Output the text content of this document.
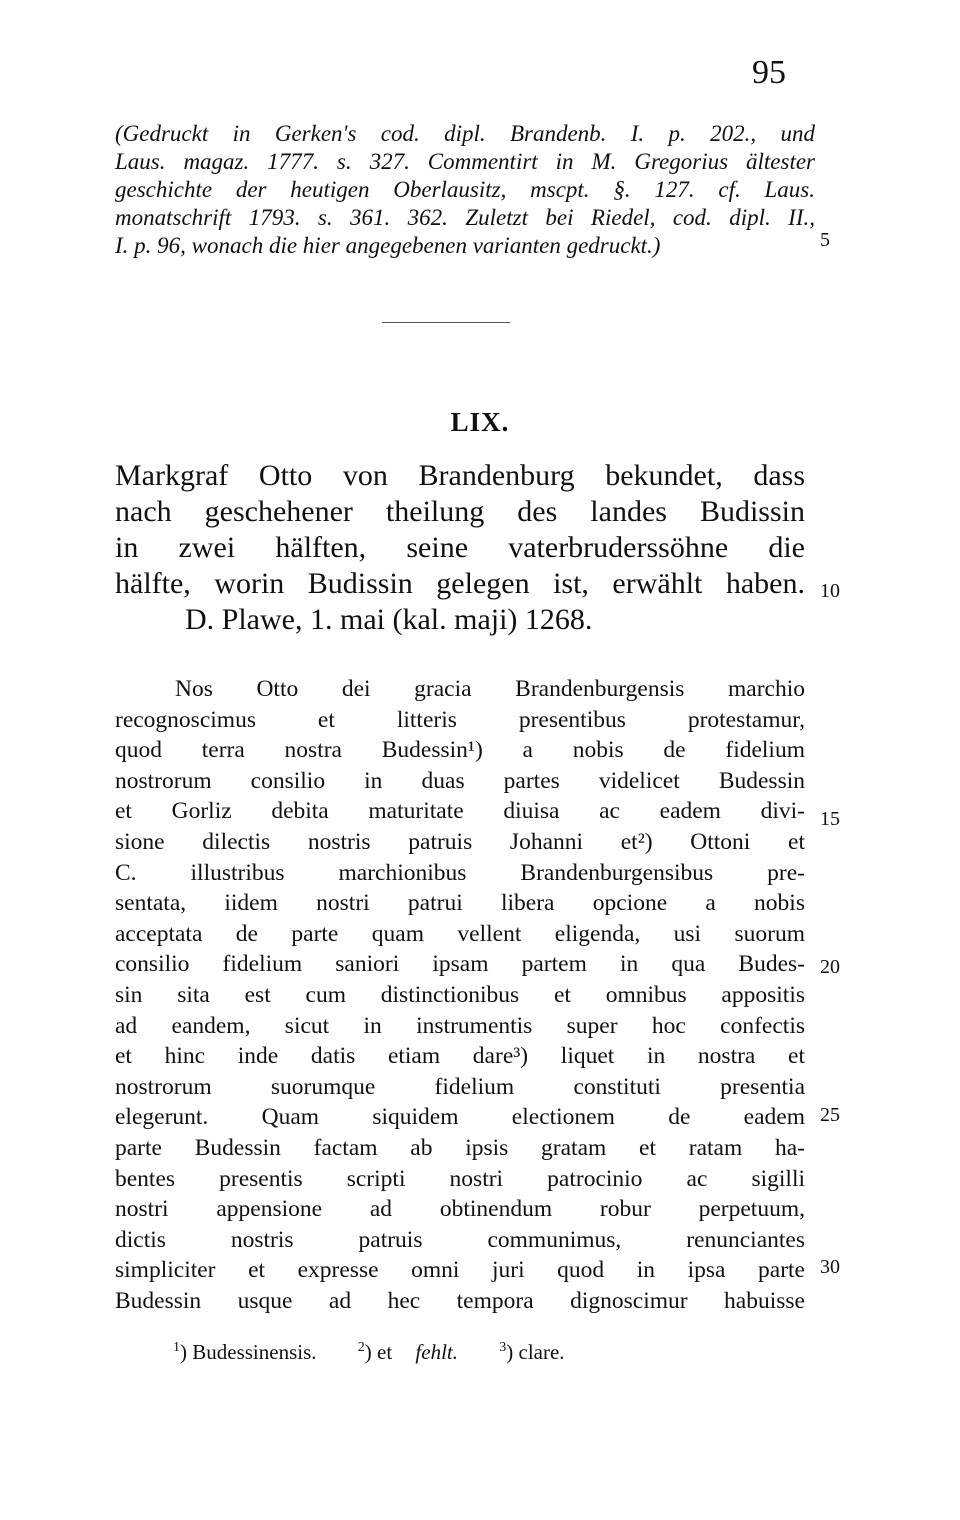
95
(Gedruckt in Gerken's cod. dipl. Brandenb. I. p. 202., und
Laus. magaz. 1777. s. 327. Commentirt in M. Gregorius ältester
geschichte der heutigen Oberlausitz, mscpt. §. 127. cf. Laus.
monatschrift 1793. s. 361. 362. Zuletzt bei Riedel, cod. dipl. II.,
I. p. 96, wonach die hier angegebenen varianten gedruckt.)	5
LIX.
Markgraf Otto von Brandenburg bekundet, dass
nach geschehener theilung des landes Budissin
in zwei hälften, seine vaterbruderssöhne die
hälfte, worin Budissin gelegen ist, erwählt haben.
D. Plawe, 1. mai (kal. maji) 1268.
10
Nos Otto dei gracia Brandenburgensis marchio
recognoscimus et litteris presentibus protestamur,
quod terra nostra Budessin¹) a nobis de fidelium
nostrorum consilio in duas partes videlicet Budessin
et Gorliz debita maturitate diuisa ac eadem divi-
sione dilectis nostris patruis Johanni et²) Ottoni et
C. illustribus marchionibus Brandenburgensibus pre-
sentata, iidem nostri patrui libera opcione a nobis
acceptata de parte quam vellent eligenda, usi suorum
consilio fidelium saniori ipsam partem in qua Budes-
sin sita est cum distinctionibus et omnibus appositis
ad eandem, sicut in instrumentis super hoc confectis
et hinc inde datis etiam dare³) liquet in nostra et
nostrorum suorumque fidelium constituti presentia
elegerunt. Quam siquidem electionem de eadem
parte Budessin factam ab ipsis gratam et ratam ha-
bentes presentis scripti nostri patrocinio ac sigilli
nostri appensione ad obtinendum robur perpetuum,
dictis nostris patruis communimus, renunciantes
simpliciter et expresse omni juri quod in ipsa parte
Budessin usque ad hec tempora dignoscimur habuisse
15
20
25
30
$^1$) Budessinensis.	$^2$) et fehlt.	$^3$) clare.
